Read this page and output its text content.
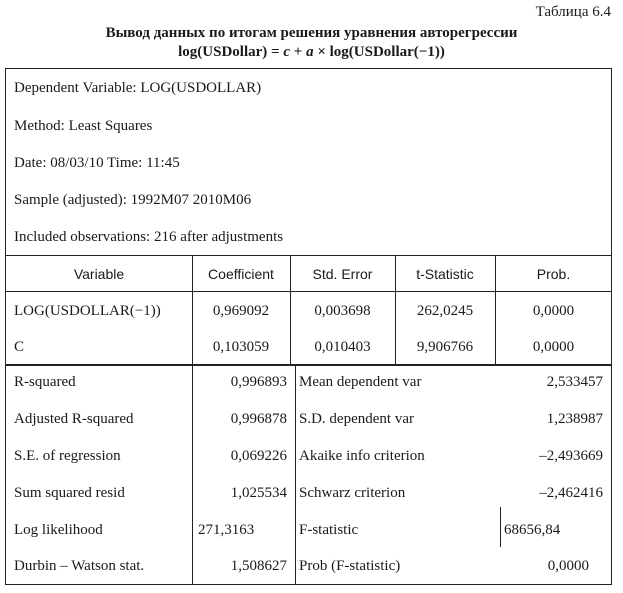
Таблица 6.4
Вывод данных по итогам решения уравнения авторегрессии
log(USDollar) = c + a × log(USDollar(−1))
Dependent Variable: LOG(USDOLLAR)
Method: Least Squares
Date: 08/03/10 Time: 11:45
Sample (adjusted): 1992M07 2010M06
Included observations: 216 after adjustments
Variable	Coefficient	Std. Error	t-Statistic	Prob.
LOG(USDOLLAR(−1))	0,969092	0,003698	262,0245	0,0000
C	0,103059	0,010403	9,906766	0,0000
R-squared	0,996893 Mean dependent var	2,533457
Adjusted R-squared	0,996878 S.D. dependent var	1,238987
S.E. of regression	0,069226 Akaike info criterion	–2,493669
Sum squared resid	1,025534 Schwarz criterion	–2,462416
Log likelihood	271,3163	F-statistic	68656,84
Durbin – Watson stat.	1,508627 Prob (F-statistic)	0,0000
